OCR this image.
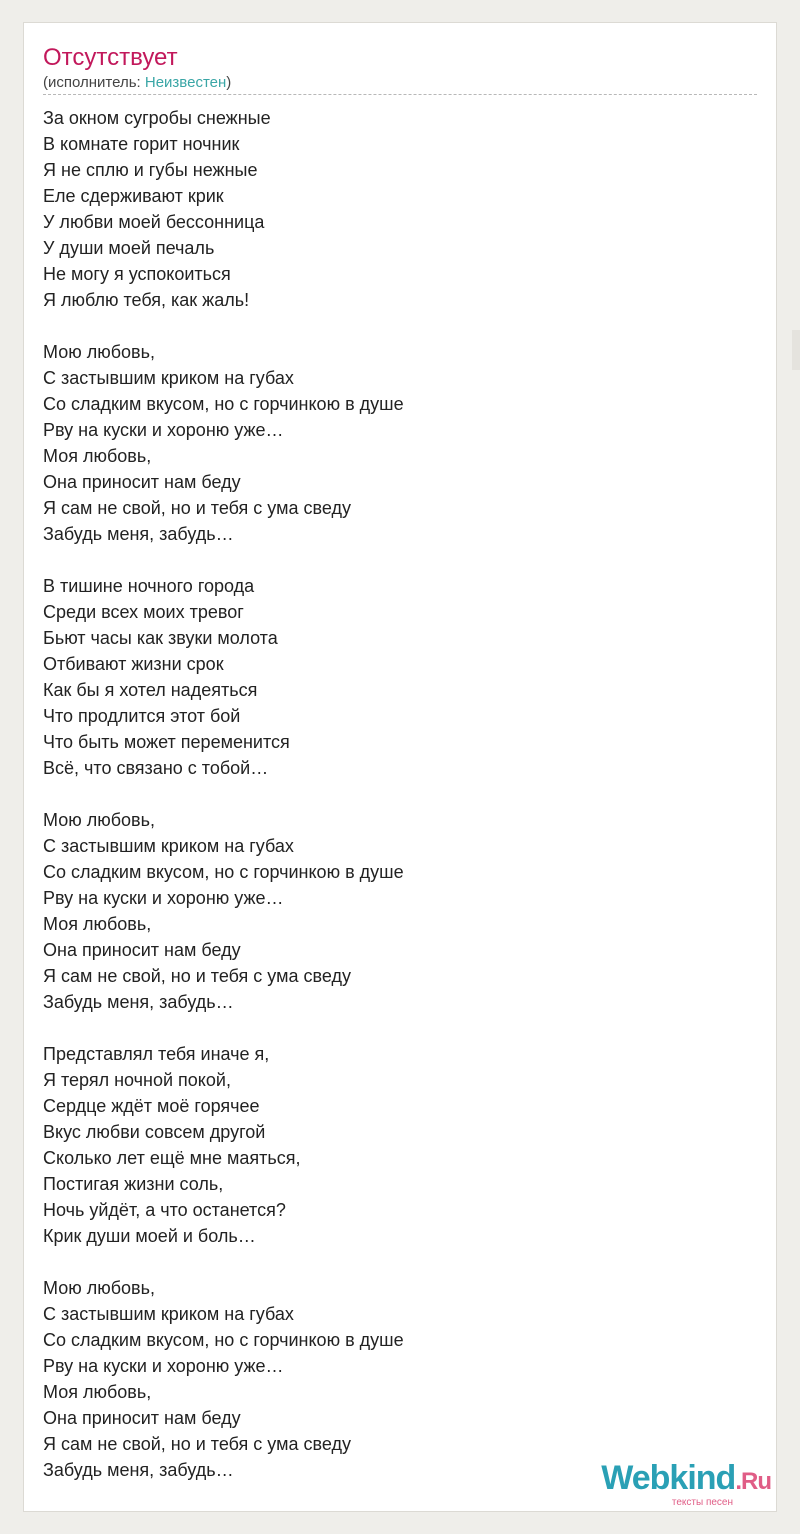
Отсутствует
(исполнитель: Неизвестен)
За окном сугробы снежные
В комнате горит ночник
Я не сплю и губы нежные
Еле сдерживают крик
У любви моей бессонница
У души моей печаль
Не могу я успокоиться
Я люблю тебя, как жаль!
Мою любовь,
С застывшим криком на губах
Со сладким вкусом, но с горчинкою в душе
Рву на куски и хороню уже…
Моя любовь,
Она приносит нам беду
Я сам не свой, но и тебя с ума сведу
Забудь меня, забудь…
В тишине ночного города
Среди всех моих тревог
Бьют часы как звуки молота
Отбивают жизни срок
Как бы я хотел надеяться
Что продлится этот бой
Что быть может переменится
Всё, что связано с тобой…
Мою любовь,
С застывшим криком на губах
Со сладким вкусом, но с горчинкою в душе
Рву на куски и хороню уже…
Моя любовь,
Она приносит нам беду
Я сам не свой, но и тебя с ума сведу
Забудь меня, забудь…
Представлял тебя иначе я,
Я терял ночной покой,
Сердце ждёт моё горячее
Вкус любви совсем другой
Сколько лет ещё мне маяться,
Постигая жизни соль,
Ночь уйдёт, а что останется?
Крик души моей и боль…
Мою любовь,
С застывшим криком на губах
Со сладким вкусом, но с горчинкою в душе
Рву на куски и хороню уже…
Моя любовь,
Она приносит нам беду
Я сам не свой, но и тебя с ума сведу
Забудь меня, забудь…	Webkind.Ru
тексты песен
